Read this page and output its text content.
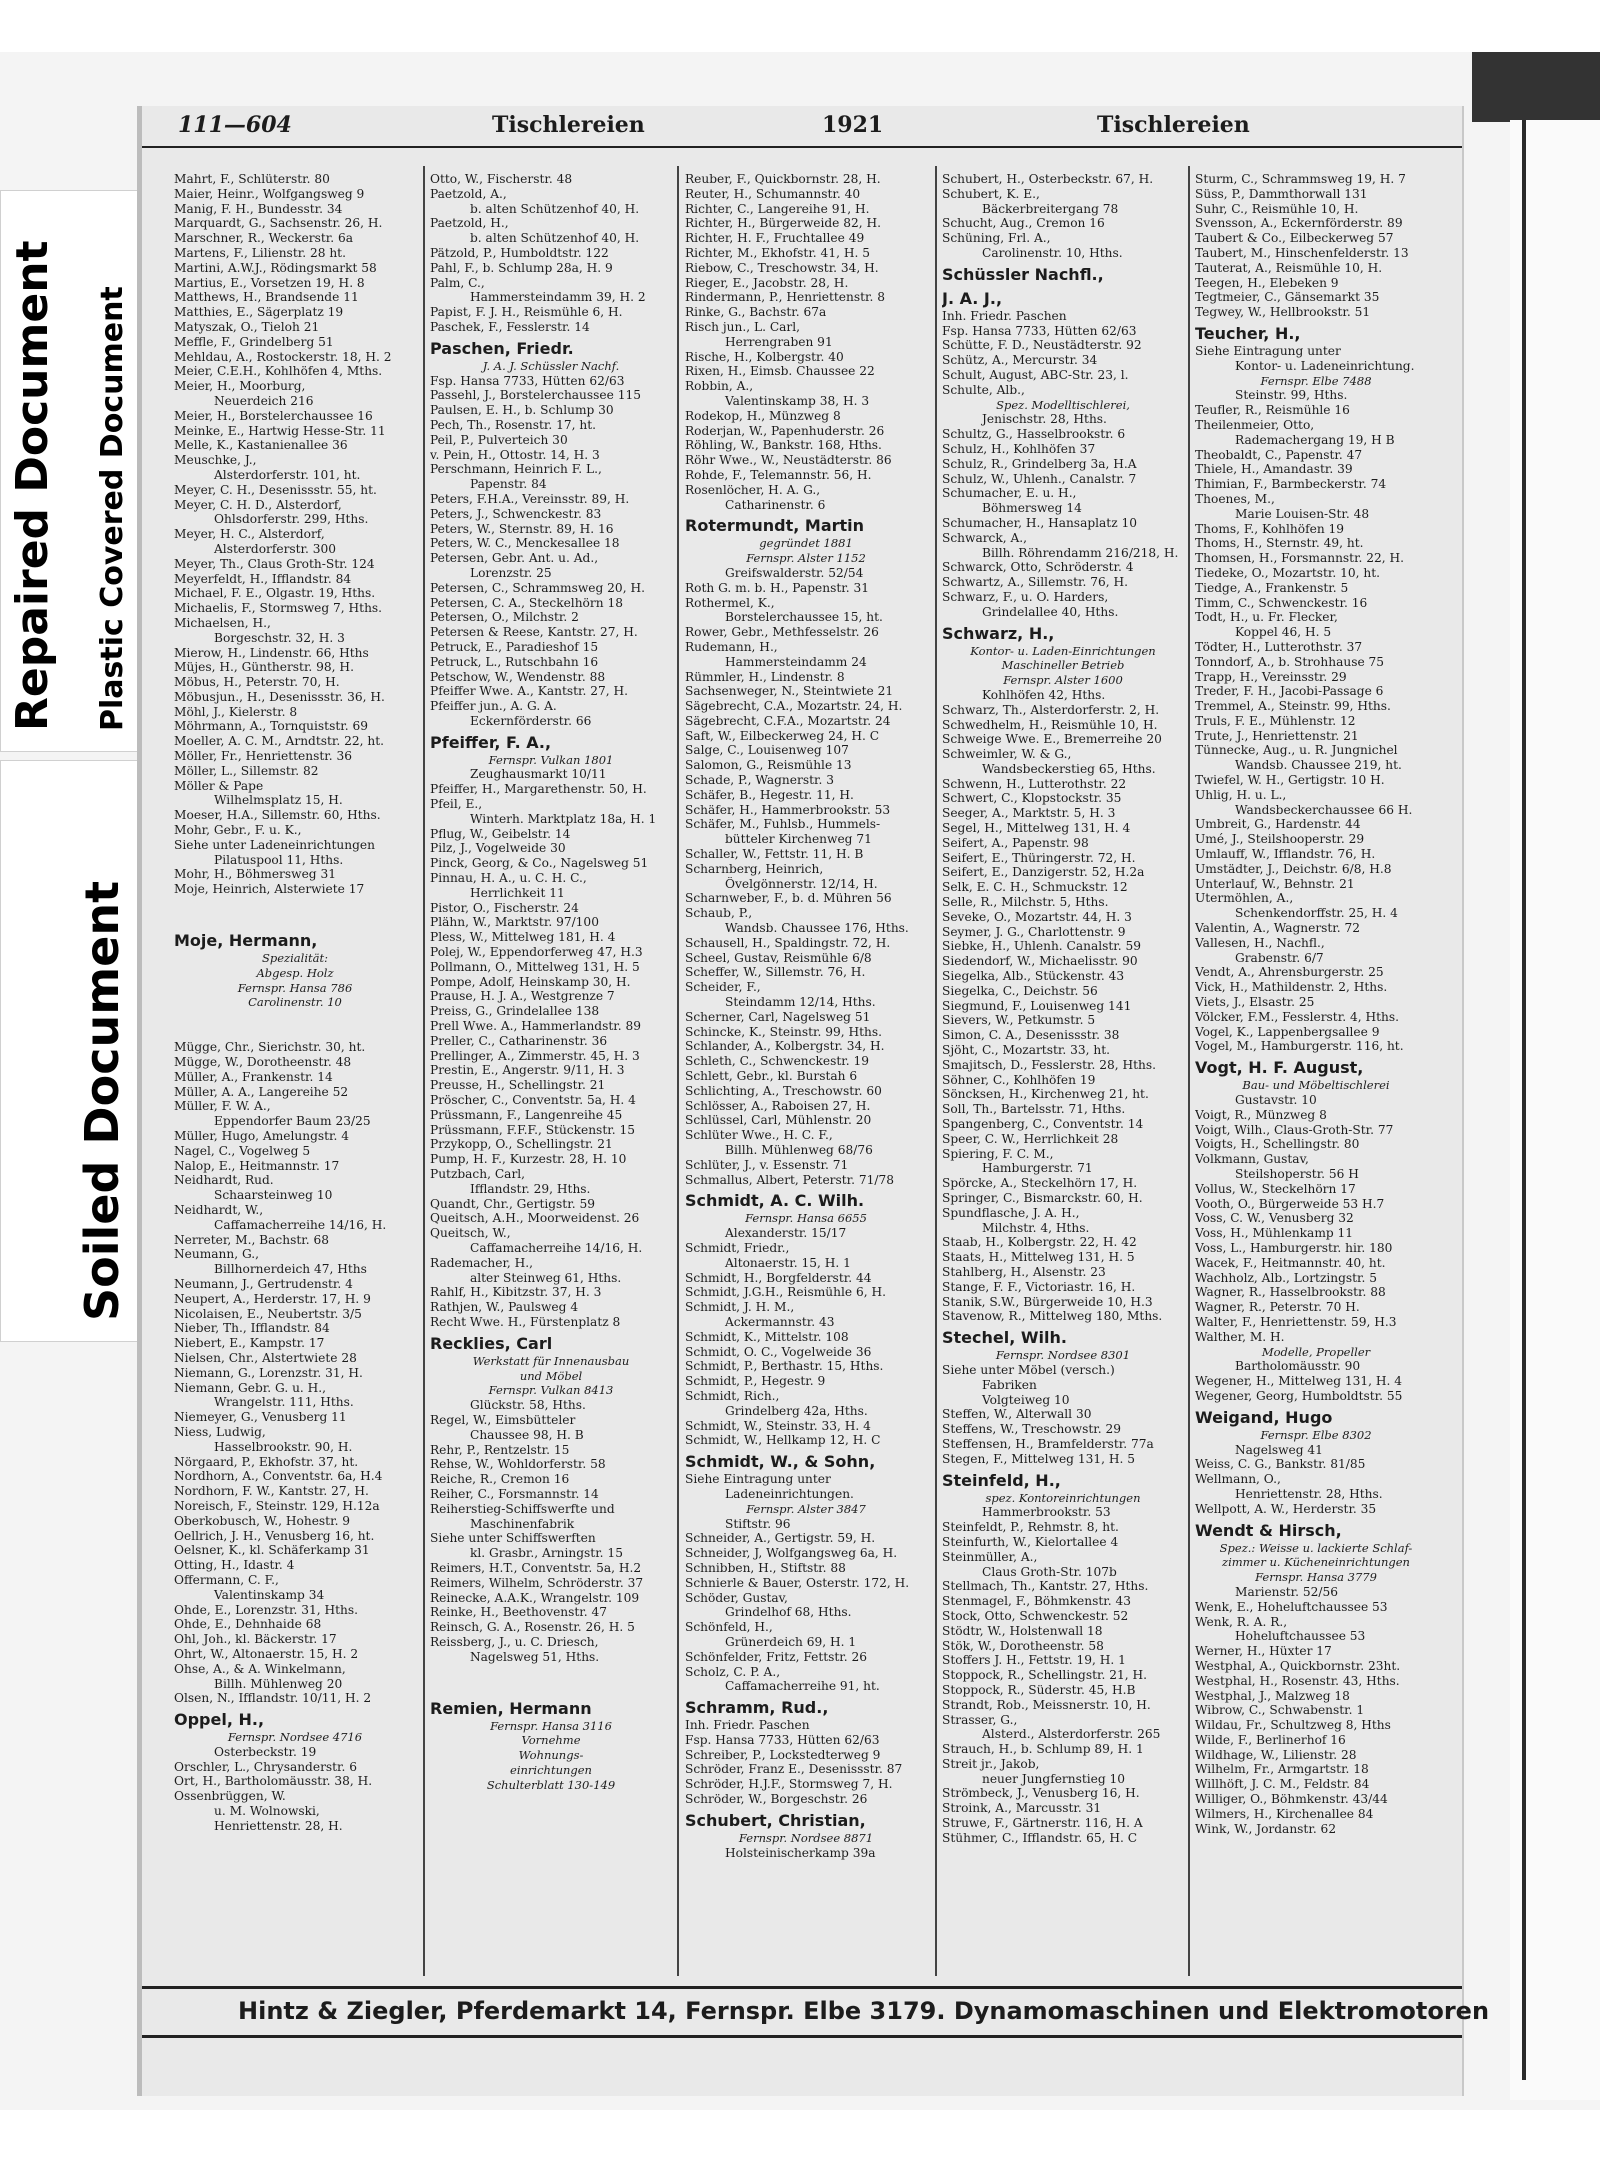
Repaired Document Plastic Covered Document
Soiled Document
111—604	Tischlereien	1921	Tischlereien
Mahrt, F., Schlüterstr. 80
Maier, Heinr., Wolfgangsweg 9
Manig, F. H., Bundesstr. 34
Marquardt, G., Sachsenstr. 26, H.
Marschner, R., Weckerstr. 6a
Martens, F., Lilienstr. 28 ht.
Martini, A.W.J., Rödingsmarkt 58
Martius, E., Vorsetzen 19, H. 8
Matthews, H., Brandsende 11
Matthies, E., Sägerplatz 19
Matyszak, O., Tieloh 21
Meffle, F., Grindelberg 51
Mehldau, A., Rostockerstr. 18, H. 2
Meier, C.E.H., Kohlhöfen 4, Mths.
Meier, H., Moorburg,
Neuerdeich 216
Meier, H., Borstelerchaussee 16
Meinke, E., Hartwig Hesse-Str. 11
Melle, K., Kastanienallee 36
Meuschke, J.,
Alsterdorferstr. 101, ht.
Meyer, C. H., Desenissstr. 55, ht.
Meyer, C. H. D., Alsterdorf,
Ohlsdorferstr. 299, Hths.
Meyer, H. C., Alsterdorf,
Alsterdorferstr. 300
Meyer, Th., Claus Groth-Str. 124
Meyerfeldt, H., Ifflandstr. 84
Michael, F. E., Olgastr. 19, Hths.
Michaelis, F., Stormsweg 7, Hths.
Michaelsen, H.,
Borgeschstr. 32, H. 3
Mierow, H., Lindenstr. 66, Hths
Müjes, H., Güntherstr. 98, H.
Möbus, H., Peterstr. 70, H.
Möbusjun., H., Desenissstr. 36, H.
Möhl, J., Kielerstr. 8
Möhrmann, A., Tornquiststr. 69
Moeller, A. C. M., Arndtstr. 22, ht.
Möller, Fr., Henriettenstr. 36
Möller, L., Sillemstr. 82
Möller & Pape
Wilhelmsplatz 15, H.
Moeser, H.A., Sillemstr. 60, Hths.
Mohr, Gebr., F. u. K.,
Siehe unter Ladeneinrichtungen
Pilatuspool 11, Hths.
Mohr, H., Böhmersweg 31
Moje, Heinrich, Alsterwiete 17
Moje, Hermann,
Spezialität:
Abgesp. Holz
Fernspr. Hansa 786
Carolinenstr. 10
Mügge, Chr., Sierichstr. 30, ht.
Mügge, W., Dorotheenstr. 48
Müller, A., Frankenstr. 14
Müller, A. A., Langereihe 52
Müller, F. W. A.,
Eppendorfer Baum 23/25
Müller, Hugo, Amelungstr. 4
Nagel, C., Vogelweg 5
Nalop, E., Heitmannstr. 17
Neidhardt, Rud.
Schaarsteinweg 10
Neidhardt, W.,
Caffamacherreihe 14/16, H.
Nerreter, M., Bachstr. 68
Neumann, G.,
Billhornerdeich 47, Hths
Neumann, J., Gertrudenstr. 4
Neupert, A., Herderstr. 17, H. 9
Nicolaisen, E., Neubertstr. 3/5
Nieber, Th., Ifflandstr. 84
Niebert, E., Kampstr. 17
Nielsen, Chr., Alstertwiete 28
Niemann, G., Lorenzstr. 31, H.
Niemann, Gebr. G. u. H.,
Wrangelstr. 111, Hths.
Niemeyer, G., Venusberg 11
Niess, Ludwig,
Hasselbrookstr. 90, H.
Nörgaard, P., Ekhofstr. 37, ht.
Nordhorn, A., Conventstr. 6a, H.4
Nordhorn, F. W., Kantstr. 27, H.
Noreisch, F., Steinstr. 129, H.12a
Oberkobusch, W., Hohestr. 9
Oellrich, J. H., Venusberg 16, ht.
Oelsner, K., kl. Schäferkamp 31
Otting, H., Idastr. 4
Offermann, C. F.,
Valentinskamp 34
Ohde, E., Lorenzstr. 31, Hths.
Ohde, E., Dehnhaide 68
Ohl, Joh., kl. Bäckerstr. 17
Ohrt, W., Altonaerstr. 15, H. 2
Ohse, A., & A. Winkelmann,
Billh. Mühlenweg 20
Olsen, N., Ifflandstr. 10/11, H. 2
Oppel, H.,
Fernspr. Nordsee 4716
Osterbeckstr. 19
Orschler, L., Chrysanderstr. 6
Ort, H., Bartholomäusstr. 38, H.
Ossenbrüggen, W.
u. M. Wolnowski,
Henriettenstr. 28, H.
Otto, W., Fischerstr. 48
Paetzold, A.,
b. alten Schützenhof 40, H.
Paetzold, H.,
b. alten Schützenhof 40, H.
Pätzold, P., Humboldtstr. 122
Pahl, F., b. Schlump 28a, H. 9
Palm, C.,
Hammersteindamm 39, H. 2
Papist, F. J. H., Reismühle 6, H.
Paschek, F., Fesslerstr. 14
Paschen, Friedr.
J. A. J. Schüssler Nachf.
Fsp. Hansa 7733, Hütten 62/63
Passehl, J., Borstelerchaussee 115
Paulsen, E. H., b. Schlump 30
Pech, Th., Rosenstr. 17, ht.
Peil, P., Pulverteich 30
v. Pein, H., Ottostr. 14, H. 3
Perschmann, Heinrich F. L.,
Papenstr. 84
Peters, F.H.A., Vereinsstr. 89, H.
Peters, J., Schwenckestr. 83
Peters, W., Sternstr. 89, H. 16
Peters, W. C., Menckesallee 18
Petersen, Gebr. Ant. u. Ad.,
Lorenzstr. 25
Petersen, C., Schrammsweg 20, H.
Petersen, C. A., Steckelhörn 18
Petersen, O., Milchstr. 2
Petersen & Reese, Kantstr. 27, H.
Petruck, E., Paradieshof 15
Petruck, L., Rutschbahn 16
Petschow, W., Wendenstr. 88
Pfeiffer Wwe. A., Kantstr. 27, H.
Pfeiffer jun., A. G. A.
Eckernförderstr. 66
Pfeiffer, F. A.,
Fernspr. Vulkan 1801
Zeughausmarkt 10/11
Pfeiffer, H., Margarethenstr. 50, H.
Pfeil, E.,
Winterh. Marktplatz 18a, H. 1
Pflug, W., Geibelstr. 14
Pilz, J., Vogelweide 30
Pinck, Georg, & Co., Nagelsweg 51
Pinnau, H. A., u. C. H. C.,
Herrlichkeit 11
Pistor, O., Fischerstr. 24
Plähn, W., Marktstr. 97/100
Pless, W., Mittelweg 181, H. 4
Polej, W., Eppendorferweg 47, H.3
Pollmann, O., Mittelweg 131, H. 5
Pompe, Adolf, Heinskamp 30, H.
Prause, H. J. A., Westgrenze 7
Preiss, G., Grindelallee 138
Prell Wwe. A., Hammerlandstr. 89
Preller, C., Catharinenstr. 36
Prellinger, A., Zimmerstr. 45, H. 3
Prestin, E., Angerstr. 9/11, H. 3
Preusse, H., Schellingstr. 21
Pröscher, C., Conventstr. 5a, H. 4
Prüssmann, F., Langenreihe 45
Prüssmann, F.F.F., Stückenstr. 15
Przykopp, O., Schellingstr. 21
Pump, H. F., Kurzestr. 28, H. 10
Putzbach, Carl,
Ifflandstr. 29, Hths.
Quandt, Chr., Gertigstr. 59
Queitsch, A.H., Moorweidenst. 26
Queitsch, W.,
Caffamacherreihe 14/16, H.
Rademacher, H.,
alter Steinweg 61, Hths.
Rahlf, H., Kibitzstr. 37, H. 3
Rathjen, W., Paulsweg 4
Recht Wwe. H., Fürstenplatz 8
Recklies, Carl
Werkstatt für Innenausbau
und Möbel
Fernspr. Vulkan 8413
Glückstr. 58, Hths.
Regel, W., Eimsbütteler
Chaussee 98, H. B
Rehr, P., Rentzelstr. 15
Rehse, W., Wohldorferstr. 58
Reiche, R., Cremon 16
Reiher, C., Forsmannstr. 14
Reiherstieg-Schiffswerfte und
Maschinenfabrik
Siehe unter Schiffswerften
kl. Grasbr., Arningstr. 15
Reimers, H.T., Conventstr. 5a, H.2
Reimers, Wilhelm, Schröderstr. 37
Reinecke, A.A.K., Wrangelstr. 109
Reinke, H., Beethovenstr. 47
Reinsch, G. A., Rosenstr. 26, H. 5
Reissberg, J., u. C. Driesch,
Nagelsweg 51, Hths.
Remien, Hermann
Fernspr. Hansa 3116
Vornehme
Wohnungs-
einrichtungen
Schulterblatt 130-149
Reuber, F., Quickbornstr. 28, H.
Reuter, H., Schumannstr. 40
Richter, C., Langereihe 91, H.
Richter, H., Bürgerweide 82, H.
Richter, H. F., Fruchtallee 49
Richter, M., Ekhofstr. 41, H. 5
Riebow, C., Treschowstr. 34, H.
Rieger, E., Jacobstr. 28, H.
Rindermann, P., Henriettenstr. 8
Rinke, G., Bachstr. 67a
Risch jun., L. Carl,
Herrengraben 91
Rische, H., Kolbergstr. 40
Rixen, H., Eimsb. Chaussee 22
Robbin, A.,
Valentinskamp 38, H. 3
Rodekop, H., Münzweg 8
Roderjan, W., Papenhuderstr. 26
Röhling, W., Bankstr. 168, Hths.
Röhr Wwe., W., Neustädterstr. 86
Rohde, F., Telemannstr. 56, H.
Rosenlöcher, H. A. G.,
Catharinenstr. 6
Rotermundt, Martin
gegründet 1881
Fernspr. Alster 1152
Greifswalderstr. 52/54
Roth G. m. b. H., Papenstr. 31
Rothermel, K.,
Borstelerchaussee 15, ht.
Rower, Gebr., Methfesselstr. 26
Rudemann, H.,
Hammersteindamm 24
Rümmler, H., Lindenstr. 8
Sachsenweger, N., Steintwiete 21
Sägebrecht, C.A., Mozartstr. 24, H.
Sägebrecht, C.F.A., Mozartstr. 24
Saft, W., Eilbeckerweg 24, H. C
Salge, C., Louisenweg 107
Salomon, G., Reismühle 13
Schade, P., Wagnerstr. 3
Schäfer, B., Hegestr. 11, H.
Schäfer, H., Hammerbrookstr. 53
Schäfer, M., Fuhlsb., Hummels-
bütteler Kirchenweg 71
Schaller, W., Fettstr. 11, H. B
Scharnberg, Heinrich,
Övelgönnerstr. 12/14, H.
Scharnweber, F., b. d. Mühren 56
Schaub, P.,
Wandsb. Chaussee 176, Hths.
Schausell, H., Spaldingstr. 72, H.
Scheel, Gustav, Reismühle 6/8
Scheffer, W., Sillemstr. 76, H.
Scheider, F.,
Steindamm 12/14, Hths.
Scherner, Carl, Nagelsweg 51
Schincke, K., Steinstr. 99, Hths.
Schlander, A., Kolbergstr. 34, H.
Schleth, C., Schwenckestr. 19
Schlett, Gebr., kl. Burstah 6
Schlichting, A., Treschowstr. 60
Schlösser, A., Raboisen 27, H.
Schlüssel, Carl, Mühlenstr. 20
Schlüter Wwe., H. C. F.,
Billh. Mühlenweg 68/76
Schlüter, J., v. Essenstr. 71
Schmallus, Albert, Peterstr. 71/78
Schmidt, A. C. Wilh.
Fernspr. Hansa 6655
Alexanderstr. 15/17
Schmidt, Friedr.,
Altonaerstr. 15, H. 1
Schmidt, H., Borgfelderstr. 44
Schmidt, J.G.H., Reismühle 6, H.
Schmidt, J. H. M.,
Ackermannstr. 43
Schmidt, K., Mittelstr. 108
Schmidt, O. C., Vogelweide 36
Schmidt, P., Berthastr. 15, Hths.
Schmidt, P., Hegestr. 9
Schmidt, Rich.,
Grindelberg 42a, Hths.
Schmidt, W., Steinstr. 33, H. 4
Schmidt, W., Hellkamp 12, H. C
Schmidt, W., & Sohn,
Siehe Eintragung unter
Ladeneinrichtungen.
Fernspr. Alster 3847
Stiftstr. 96
Schneider, A., Gertigstr. 59, H.
Schneider, J, Wolfgangsweg 6a, H.
Schnibben, H., Stiftstr. 88
Schnierle & Bauer, Osterstr. 172, H.
Schöder, Gustav,
Grindelhof 68, Hths.
Schönfeld, H.,
Grünerdeich 69, H. 1
Schönfelder, Fritz, Fettstr. 26
Scholz, C. P. A.,
Caffamacherreihe 91, ht.
Schramm, Rud.,
Inh. Friedr. Paschen
Fsp. Hansa 7733, Hütten 62/63
Schreiber, P., Lockstedterweg 9
Schröder, Franz E., Desenissstr. 87
Schröder, H.J.F., Stormsweg 7, H.
Schröder, W., Borgeschstr. 26
Schubert, Christian,
Fernspr. Nordsee 8871
Holsteinischerkamp 39a
Schubert, H., Osterbeckstr. 67, H.
Schubert, K. E.,
Bäckerbreitergang 78
Schucht, Aug., Cremon 16
Schüning, Frl. A.,
Carolinenstr. 10, Hths.
Schüssler Nachfl.,
J. A. J.,
Inh. Friedr. Paschen
Fsp. Hansa 7733, Hütten 62/63
Schütte, F. D., Neustädterstr. 92
Schütz, A., Mercurstr. 34
Schult, August, ABC-Str. 23, l.
Schulte, Alb.,
Spez. Modelltischlerei,
Jenischstr. 28, Hths.
Schultz, G., Hasselbrookstr. 6
Schulz, H., Kohlhöfen 37
Schulz, R., Grindelberg 3a, H.A
Schulz, W., Uhlenh., Canalstr. 7
Schumacher, E. u. H.,
Böhmersweg 14
Schumacher, H., Hansaplatz 10
Schwarck, A.,
Billh. Röhrendamm 216/218, H.
Schwarck, Otto, Schröderstr. 4
Schwartz, A., Sillemstr. 76, H.
Schwarz, F., u. O. Harders,
Grindelallee 40, Hths.
Schwarz, H.,
Kontor- u. Laden-Einrichtungen
Maschineller Betrieb
Fernspr. Alster 1600
Kohlhöfen 42, Hths.
Schwarz, Th., Alsterdorferstr. 2, H.
Schwedhelm, H., Reismühle 10, H.
Schweige Wwe. E., Bremerreihe 20
Schweimler, W. & G.,
Wandsbeckerstieg 65, Hths.
Schwenn, H., Lutterothstr. 22
Schwert, C., Klopstockstr. 35
Seeger, A., Marktstr. 5, H. 3
Segel, H., Mittelweg 131, H. 4
Seifert, A., Papenstr. 98
Seifert, E., Thüringerstr. 72, H.
Seifert, E., Danzigerstr. 52, H.2a
Selk, E. C. H., Schmuckstr. 12
Selle, R., Milchstr. 5, Hths.
Seveke, O., Mozartstr. 44, H. 3
Seymer, J. G., Charlottenstr. 9
Siebke, H., Uhlenh. Canalstr. 59
Siedendorf, W., Michaelisstr. 90
Siegelka, Alb., Stückenstr. 43
Siegelka, C., Deichstr. 56
Siegmund, F., Louisenweg 141
Sievers, W., Petkumstr. 5
Simon, C. A., Desenissstr. 38
Sjöht, C., Mozartstr. 33, ht.
Smajitsch, D., Fesslerstr. 28, Hths.
Söhner, C., Kohlhöfen 19
Söncksen, H., Kirchenweg 21, ht.
Soll, Th., Bartelsstr. 71, Hths.
Spangenberg, C., Conventstr. 14
Speer, C. W., Herrlichkeit 28
Spiering, F. C. M.,
Hamburgerstr. 71
Spörcke, A., Steckelhörn 17, H.
Springer, C., Bismarckstr. 60, H.
Spundflasche, J. A. H.,
Milchstr. 4, Hths.
Staab, H., Kolbergstr. 22, H. 42
Staats, H., Mittelweg 131, H. 5
Stahlberg, H., Alsenstr. 23
Stange, F. F., Victoriastr. 16, H.
Stanik, S.W., Bürgerweide 10, H.3
Stavenow, R., Mittelweg 180, Mths.
Stechel, Wilh.
Fernspr. Nordsee 8301
Siehe unter Möbel (versch.)
Fabriken
Volgteiweg 10
Steffen, W., Alterwall 30
Steffens, W., Treschowstr. 29
Steffensen, H., Bramfelderstr. 77a
Stegen, F., Mittelweg 131, H. 5
Steinfeld, H.,
spez. Kontoreinrichtungen
Hammerbrookstr. 53
Steinfeldt, P., Rehmstr. 8, ht.
Steinfurth, W., Kielortallee 4
Steinmüller, A.,
Claus Groth-Str. 107b
Stellmach, Th., Kantstr. 27, Hths.
Stenmagel, F., Böhmkenstr. 43
Stock, Otto, Schwenckestr. 52
Stödtr, W., Holstenwall 18
Stök, W., Dorotheenstr. 58
Stoffers J. H., Fettstr. 19, H. 1
Stoppock, R., Schellingstr. 21, H.
Stoppock, R., Süderstr. 45, H.B
Strandt, Rob., Meissnerstr. 10, H.
Strasser, G.,
Alsterd., Alsterdorferstr. 265
Strauch, H., b. Schlump 89, H. 1
Streit jr., Jakob,
neuer Jungfernstieg 10
Strömbeck, J., Venusberg 16, H.
Stroink, A., Marcusstr. 31
Struwe, F., Gärtnerstr. 116, H. A
Stühmer, C., Ifflandstr. 65, H. C
Sturm, C., Schrammsweg 19, H. 7
Süss, P., Dammthorwall 131
Suhr, C., Reismühle 10, H.
Svensson, A., Eckernförderstr. 89
Taubert & Co., Eilbeckerweg 57
Taubert, M., Hinschenfelderstr. 13
Tauterat, A., Reismühle 10, H.
Teegen, H., Elebeken 9
Tegtmeier, C., Gänsemarkt 35
Tegwey, W., Hellbrookstr. 51
Teucher, H.,
Siehe Eintragung unter
Kontor- u. Ladeneinrichtung.
Fernspr. Elbe 7488
Steinstr. 99, Hths.
Teufler, R., Reismühle 16
Theilenmeier, Otto,
Rademachergang 19, H B
Theobaldt, C., Papenstr. 47
Thiele, H., Amandastr. 39
Thimian, F., Barmbeckerstr. 74
Thoenes, M.,
Marie Louisen-Str. 48
Thoms, F., Kohlhöfen 19
Thoms, H., Sternstr. 49, ht.
Thomsen, H., Forsmannstr. 22, H.
Tiedeke, O., Mozartstr. 10, ht.
Tiedge, A., Frankenstr. 5
Timm, C., Schwenckestr. 16
Todt, H., u. Fr. Flecker,
Koppel 46, H. 5
Tödter, H., Lutterothstr. 37
Tonndorf, A., b. Strohhause 75
Trapp, H., Vereinsstr. 29
Treder, F. H., Jacobi-Passage 6
Tremmel, A., Steinstr. 99, Hths.
Truls, F. E., Mühlenstr. 12
Trute, J., Henriettenstr. 21
Tünnecke, Aug., u. R. Jungnichel
Wandsb. Chaussee 219, ht.
Twiefel, W. H., Gertigstr. 10 H.
Uhlig, H. u. L.,
Wandsbeckerchaussee 66 H.
Umbreit, G., Hardenstr. 44
Umé, J., Steilshooperstr. 29
Umlauff, W., Ifflandstr. 76, H.
Umstädter, J., Deichstr. 6/8, H.8
Unterlauf, W., Behnstr. 21
Utermöhlen, A.,
Schenkendorffstr. 25, H. 4
Valentin, A., Wagnerstr. 72
Vallesen, H., Nachfl.,
Grabenstr. 6/7
Vendt, A., Ahrensburgerstr. 25
Vick, H., Mathildenstr. 2, Hths.
Viets, J., Elsastr. 25
Völcker, F.M., Fesslerstr. 4, Hths.
Vogel, K., Lappenbergsallee 9
Vogel, M., Hamburgerstr. 116, ht.
Vogt, H. F. August,
Bau- und Möbeltischlerei
Gustavstr. 10
Voigt, R., Münzweg 8
Voigt, Wilh., Claus-Groth-Str. 77
Voigts, H., Schellingstr. 80
Volkmann, Gustav,
Steilshoperstr. 56 H
Vollus, W., Steckelhörn 17
Vooth, O., Bürgerweide 53 H.7
Voss, C. W., Venusberg 32
Voss, H., Mühlenkamp 11
Voss, L., Hamburgerstr. hir. 180
Wacek, F., Heitmannstr. 40, ht.
Wachholz, Alb., Lortzingstr. 5
Wagner, R., Hasselbrookstr. 88
Wagner, R., Peterstr. 70 H.
Walter, F., Henriettenstr. 59, H.3
Walther, M. H.
Modelle, Propeller
Bartholomäusstr. 90
Wegener, H., Mittelweg 131, H. 4
Wegener, Georg, Humboldtstr. 55
Weigand, Hugo
Fernspr. Elbe 8302
Nagelsweg 41
Weiss, C. G., Bankstr. 81/85
Wellmann, O.,
Henriettenstr. 28, Hths.
Wellpott, A. W., Herderstr. 35
Wendt & Hirsch,
Spez.: Weisse u. lackierte Schlaf-
zimmer u. Kücheneinrichtungen
Fernspr. Hansa 3779
Marienstr. 52/56
Wenk, E., Hoheluftchaussee 53
Wenk, R. A. R.,
Hoheluftchaussee 53
Werner, H., Hüxter 17
Westphal, A., Quickbornstr. 23ht.
Westphal, H., Rosenstr. 43, Hths.
Westphal, J., Malzweg 18
Wibrow, C., Schwabenstr. 1
Wildau, Fr., Schultzweg 8, Hths
Wilde, F., Berlinerhof 16
Wildhage, W., Lilienstr. 28
Wilhelm, Fr., Armgartstr. 18
Willhöft, J. C. M., Feldstr. 84
Williger, O., Böhmkenstr. 43/44
Wilmers, H., Kirchenallee 84
Wink, W., Jordanstr. 62
Hintz & Ziegler, Pferdemarkt 14, Fernspr. Elbe 3179. Dynamomaschinen und Elektromotoren
